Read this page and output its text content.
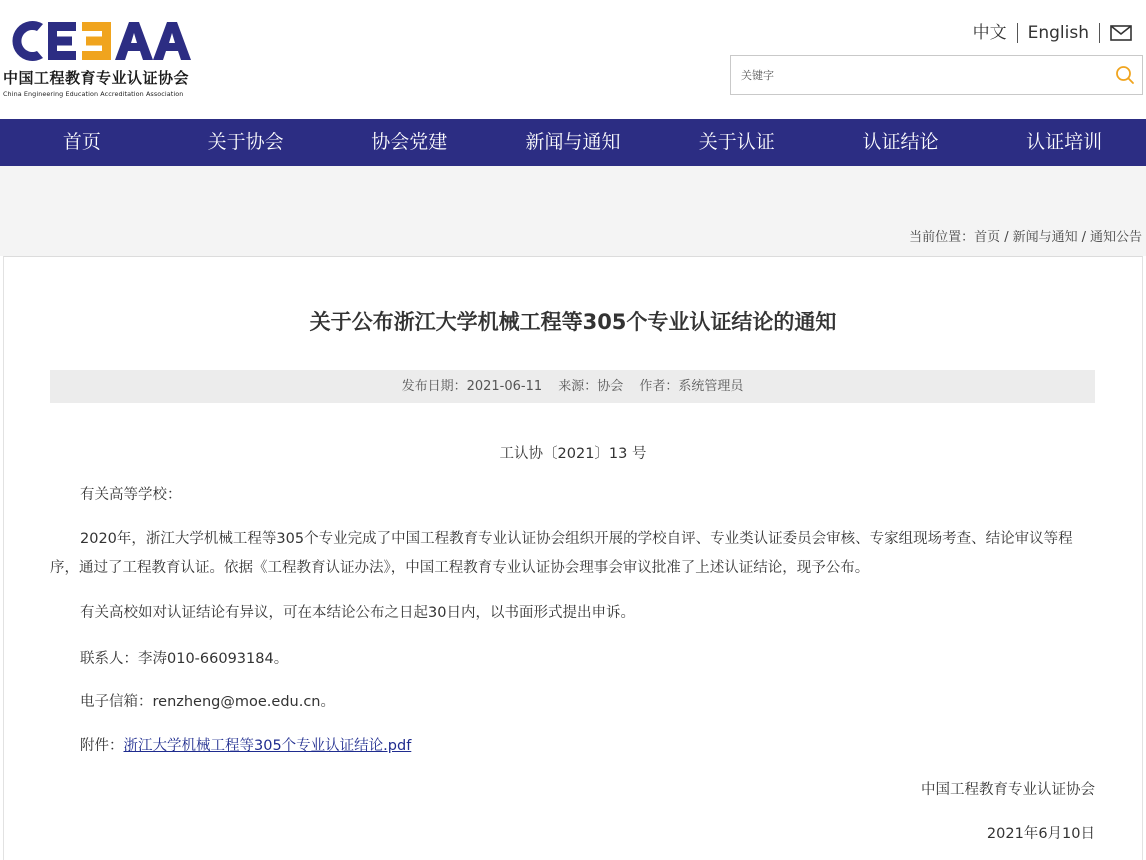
中国工程教育专业认证协会
China Engineering Education Accreditation Association
中文	English
关键字
首页	关于协会	协会党建	新闻与通知	关于认证	认证结论	认证培训
当前位置：首页 / 新闻与通知 / 通知公告
关于公布浙江大学机械工程等305个专业认证结论的通知
发布日期：2021-06-11 来源：协会 作者：系统管理员
工认协〔2021〕13 号

有关高等学校：

2020年，浙江大学机械工程等305个专业完成了中国工程教育专业认证协会组织开展的学校自评、专业类认证委员会审核、专家组现场考查、结论审议等程序，通过了工程教育认证。依据《工程教育认证办法》，中国工程教育专业认证协会理事会审议批准了上述认证结论，现予公布。

有关高校如对认证结论有异议，可在本结论公布之日起30日内，以书面形式提出申诉。

联系人：李涛010-66093184。

电子信箱：renzheng@moe.edu.cn。

附件：浙江大学机械工程等305个专业认证结论.pdf

中国工程教育专业认证协会
2021年6月10日
